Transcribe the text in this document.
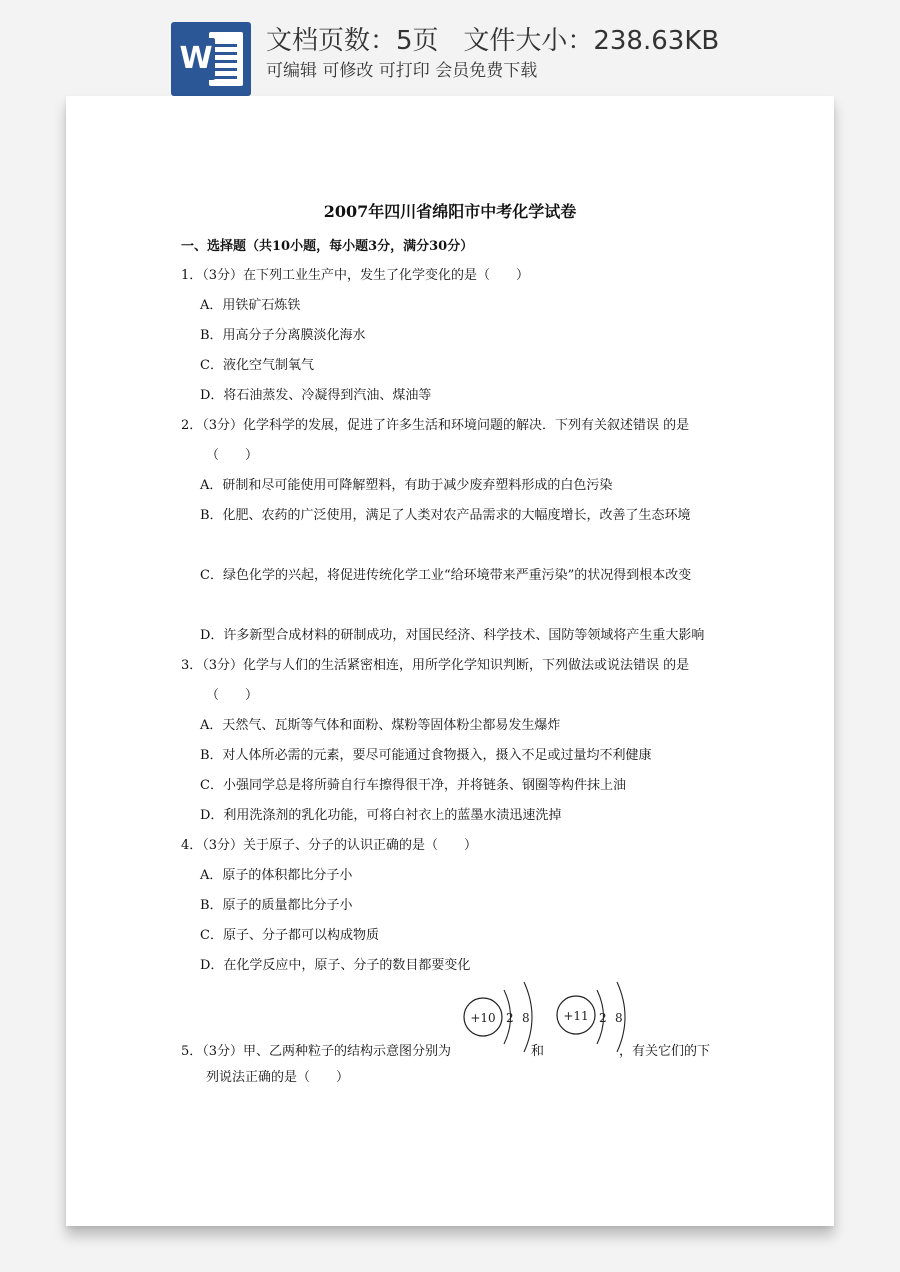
W 文档页数：5页 文件大小：238.63KB
可编辑 可修改 可打印 会员免费下载
2007年四川省绵阳市中考化学试卷
一、选择题（共10小题，每小题3分，满分30分）
1．（3分）在下列工业生产中，发生了化学变化的是（　　）
A．用铁矿石炼铁
B．用高分子分离膜淡化海水
C．液化空气制氧气
D．将石油蒸发、冷凝得到汽油、煤油等
2．（3分）化学科学的发展，促进了许多生活和环境问题的解决．下列有关叙述错误 的是
（　　）
A．研制和尽可能使用可降解塑料，有助于减少废弃塑料形成的白色污染
B．化肥、农药的广泛使用，满足了人类对农产品需求的大幅度增长，改善了生态环境
C．绿色化学的兴起，将促进传统化学工业“给环境带来严重污染”的状况得到根本改变
D．许多新型合成材料的研制成功，对国民经济、科学技术、国防等领域将产生重大影响
3．（3分）化学与人们的生活紧密相连，用所学化学知识判断，下列做法或说法错误 的是
（　　）
A．天然气、瓦斯等气体和面粉、煤粉等固体粉尘都易发生爆炸
B．对人体所必需的元素，要尽可能通过食物摄入，摄入不足或过量均不利健康
C．小强同学总是将所骑自行车擦得很干净，并将链条、钢圈等构件抹上油
D．利用洗涤剂的乳化功能，可将白衬衣上的蓝墨水渍迅速洗掉
4．（3分）关于原子、分子的认识正确的是（　　）
A．原子的体积都比分子小
B．原子的质量都比分子小
C．原子、分子都可以构成物质
D．在化学反应中，原子、分子的数目都要变化
+10 2 8	+11 2 8
5．（3分）甲、乙两种粒子的结构示意图分别为	和	，有关它们的下
列说法正确的是（　　）
